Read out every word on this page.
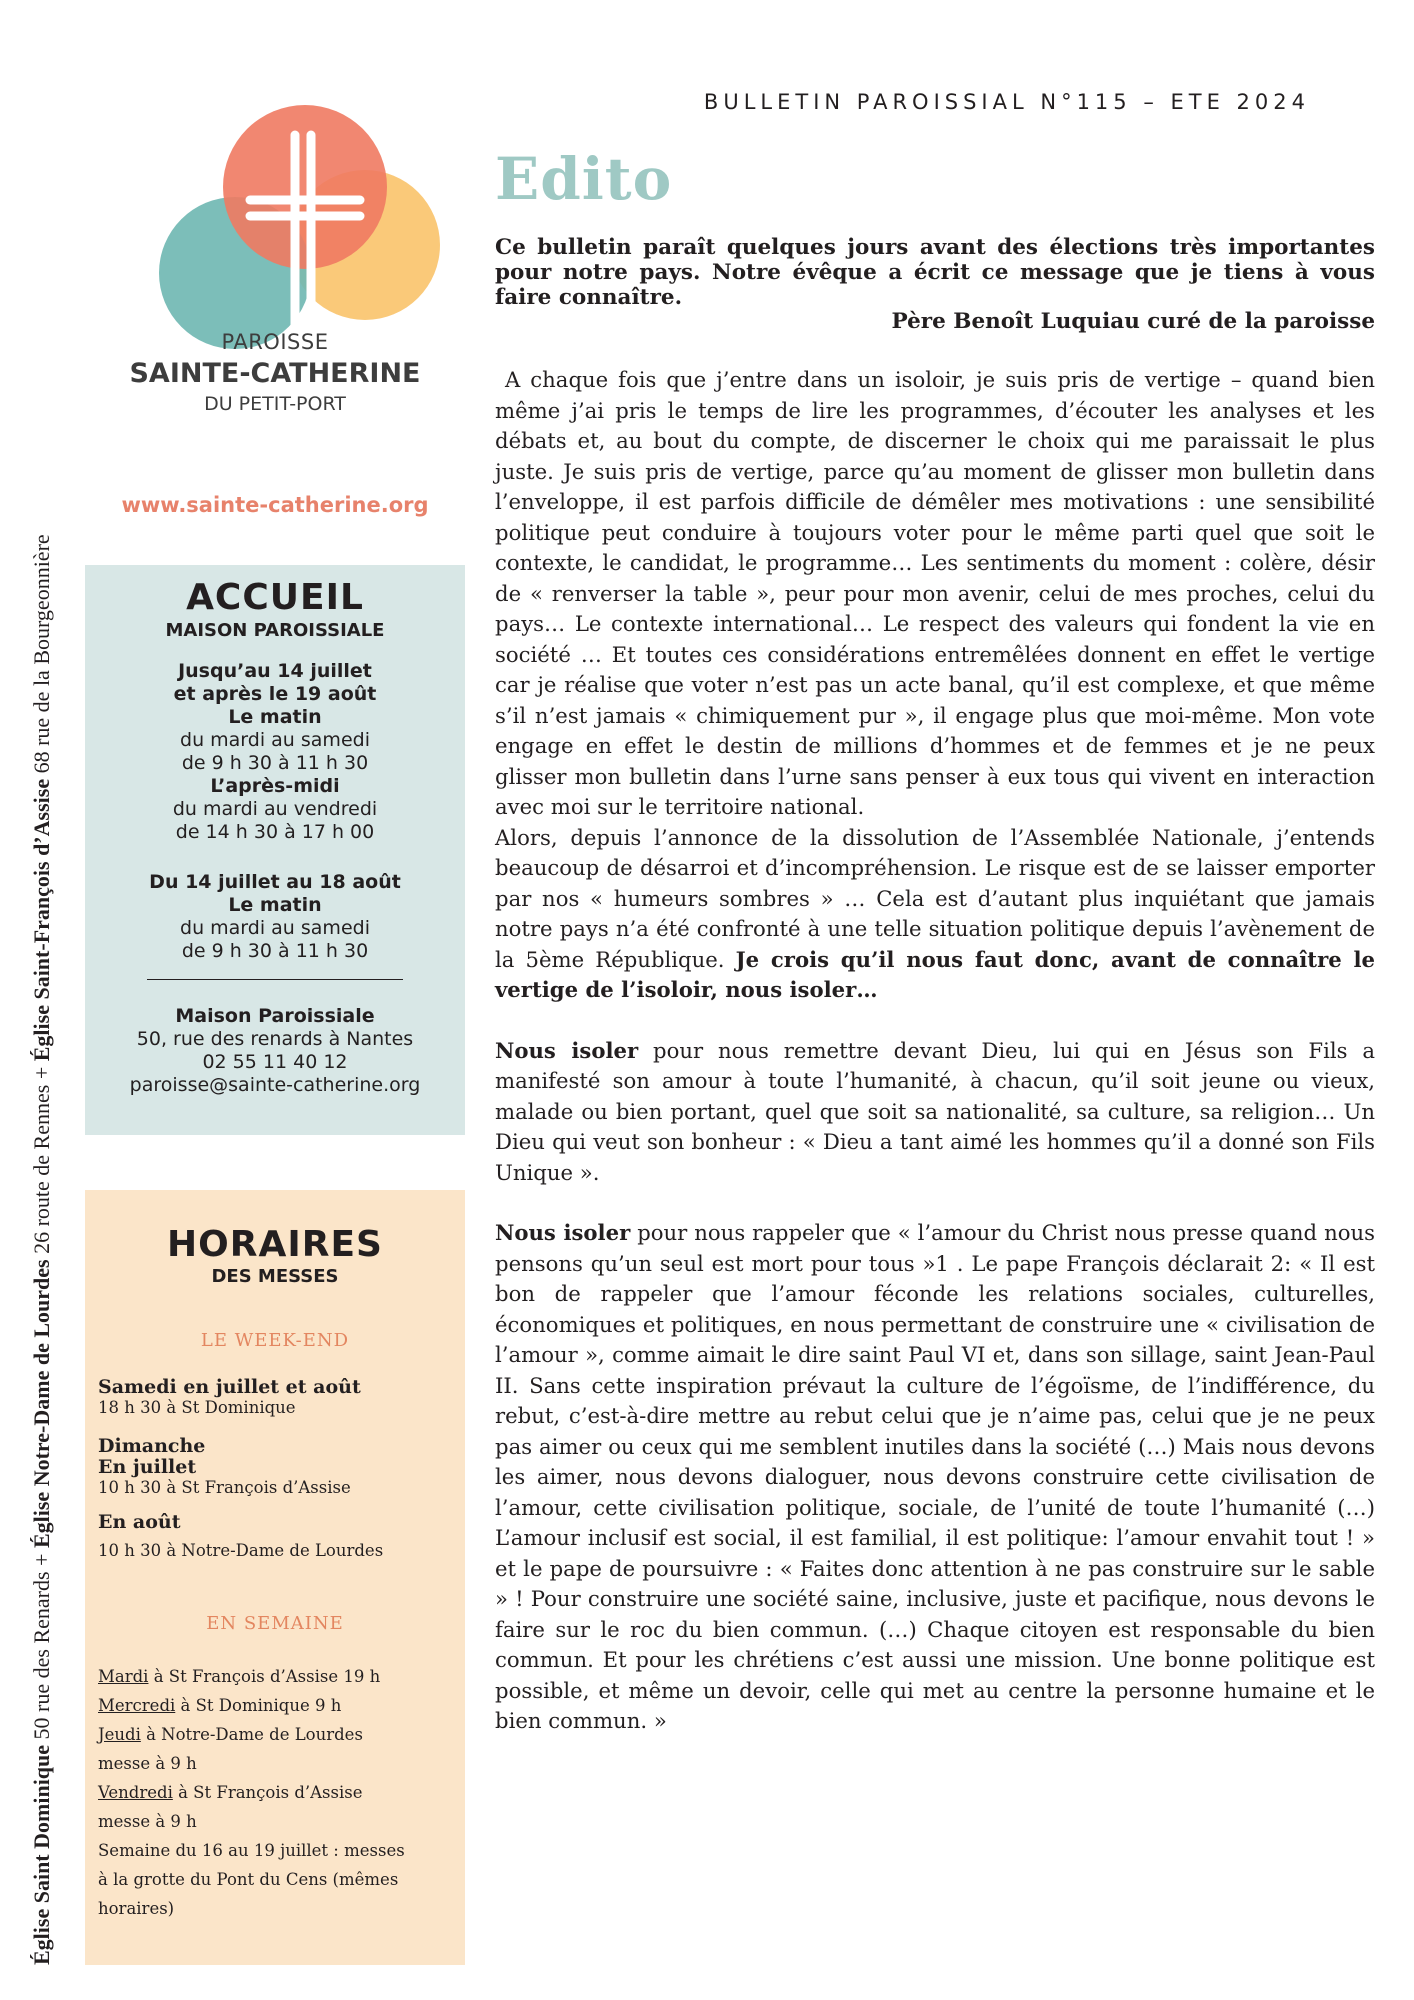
Église Saint Dominique 50 rue des Renards + Église Notre-Dame de Lourdes 26 route de Rennes + Église Saint-François d’Assise 68 rue de la Bourgeonnière
BULLETIN PAROISSIAL N°115 – ETE 2024
PAROISSE
SAINTE-CATHERINE
DU PETIT-PORT
www.sainte-catherine.org
ACCUEIL
MAISON PAROISSIALE
Jusqu’au 14 juillet
et après le 19 août
Le matin
du mardi au samedi
de 9 h 30 à 11 h 30
L’après-midi
du mardi au vendredi
de 14 h 30 à 17 h 00
Du 14 juillet au 18 août
Le matin
du mardi au samedi
de 9 h 30 à 11 h 30
Maison Paroissiale
50, rue des renards à Nantes
02 55 11 40 12
paroisse@sainte-catherine.org
HORAIRES
DES MESSES
LE WEEK-END
Samedi en juillet et août
18 h 30 à St Dominique
Dimanche
En juillet
10 h 30 à St François d’Assise
En août
10 h 30 à Notre-Dame de Lourdes
EN SEMAINE
Mardi à St François d’Assise 19 h
Mercredi à St Dominique 9 h
Jeudi à Notre-Dame de Lourdes
messe à 9 h
Vendredi à St François d’Assise
messe à 9 h
Semaine du 16 au 19 juillet : messes
à la grotte du Pont du Cens (mêmes
horaires)
Edito
Ce bulletin paraît quelques jours avant des élections très importantes pour notre pays. Notre évêque a écrit ce message que je tiens à vous faire connaître.
Père Benoît Luquiau curé de la paroisse

A chaque fois que j’entre dans un isoloir, je suis pris de vertige – quand bien même j’ai pris le temps de lire les programmes, d’écouter les analyses et les débats et, au bout du compte, de discerner le choix qui me paraissait le plus juste. Je suis pris de vertige, parce qu’au moment de glisser mon bulletin dans l’enveloppe, il est parfois difficile de démêler mes motivations : une sensibilité politique peut conduire à toujours voter pour le même parti quel que soit le contexte, le candidat, le programme… Les sentiments du moment : colère, désir de « renverser la table », peur pour mon avenir, celui de mes proches, celui du pays… Le contexte international… Le respect des valeurs qui fondent la vie en société … Et toutes ces considérations entremêlées donnent en effet le vertige car je réalise que voter n’est pas un acte banal, qu’il est complexe, et que même s’il n’est jamais « chimiquement pur », il engage plus que moi-même. Mon vote engage en effet le destin de millions d’hommes et de femmes et je ne peux glisser mon bulletin dans l’urne sans penser à eux tous qui vivent en interaction avec moi sur le territoire national.

Alors, depuis l’annonce de la dissolution de l’Assemblée Nationale, j’entends beaucoup de désarroi et d’incompréhension. Le risque est de se laisser emporter par nos « humeurs sombres » … Cela est d’autant plus inquiétant que jamais notre pays n’a été confronté à une telle situation politique depuis l’avènement de la 5ème République. Je crois qu’il nous faut donc, avant de connaître le vertige de l’isoloir, nous isoler…

Nous isoler pour nous remettre devant Dieu, lui qui en Jésus son Fils a manifesté son amour à toute l’humanité, à chacun, qu’il soit jeune ou vieux, malade ou bien portant, quel que soit sa nationalité, sa culture, sa religion… Un Dieu qui veut son bonheur : « Dieu a tant aimé les hommes qu’il a donné son Fils Unique ».

Nous isoler pour nous rappeler que « l’amour du Christ nous presse quand nous pensons qu’un seul est mort pour tous »1 . Le pape François déclarait 2: « Il est bon de rappeler que l’amour féconde les relations sociales, culturelles, économiques et politiques, en nous permettant de construire une « civilisation de l’amour », comme aimait le dire saint Paul VI et, dans son sillage, saint Jean-Paul II. Sans cette inspiration prévaut la culture de l’égoïsme, de l’indifférence, du rebut, c’est-à-dire mettre au rebut celui que je n’aime pas, celui que je ne peux pas aimer ou ceux qui me semblent inutiles dans la société (…) Mais nous devons les aimer, nous devons dialoguer, nous devons construire cette civilisation de l’amour, cette civilisation politique, sociale, de l’unité de toute l’humanité (…) L’amour inclusif est social, il est familial, il est politique: l’amour envahit tout ! » et le pape de poursuivre : « Faites donc attention à ne pas construire sur le sable » ! Pour construire une société saine, inclusive, juste et pacifique, nous devons le faire sur le roc du bien commun. (…) Chaque citoyen est responsable du bien commun. Et pour les chrétiens c’est aussi une mission. Une bonne politique est possible, et même un devoir, celle qui met au centre la personne humaine et le bien commun. »
